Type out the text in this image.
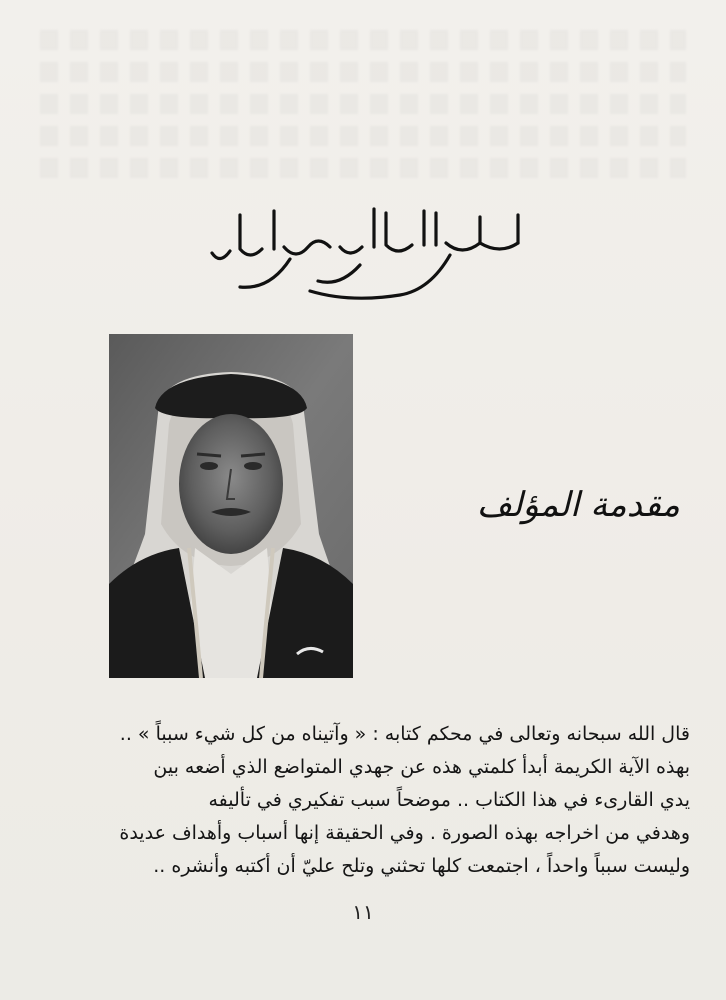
مقدمة المؤلف
قال الله سبحانه وتعالى في محكم كتابه : « وآتيناه من كل شيء سبباً » ..
بهذه الآية الكريمة أبدأ كلمتي هذه عن جهدي المتواضع الذي أضعه بين
يدي القارىء في هذا الكتاب .. موضحاً سبب تفكيري في تأليفه
وهدفي من اخراجه بهذه الصورة . وفي الحقيقة إنها أسباب وأهداف عديدة
وليست سبباً واحداً ، اجتمعت كلها تحثني وتلح عليّ أن أكتبه وأنشره ..
١١
